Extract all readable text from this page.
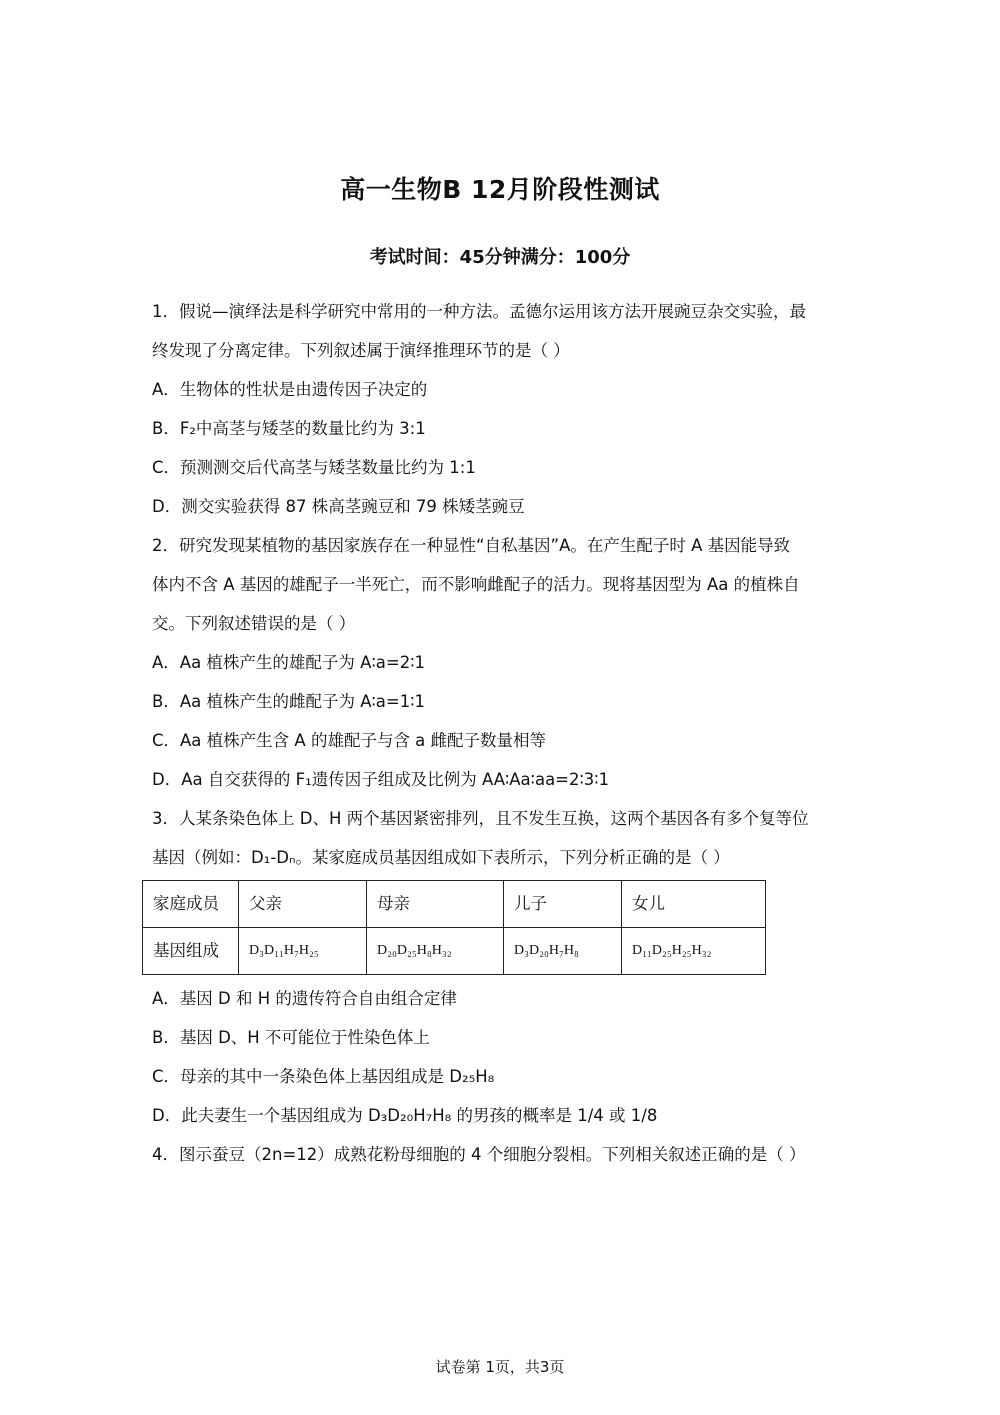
高一生物B 12月阶段性测试
考试时间：45分钟满分：100分

1．假说—演绎法是科学研究中常用的一种方法。孟德尔运用该方法开展豌豆杂交实验，最

终发现了分离定律。下列叙述属于演绎推理环节的是（ ）

A．生物体的性状是由遗传因子决定的

B．F₂中高茎与矮茎的数量比约为 3:1

C．预测测交后代高茎与矮茎数量比约为 1:1

D．测交实验获得 87 株高茎豌豆和 79 株矮茎豌豆

2．研究发现某植物的基因家族存在一种显性“自私基因”A。在产生配子时 A 基因能导致

体内不含 A 基因的雄配子一半死亡，而不影响雌配子的活力。现将基因型为 Aa 的植株自

交。下列叙述错误的是（ ）

A．Aa 植株产生的雄配子为 A∶a=2∶1

B．Aa 植株产生的雌配子为 A∶a=1∶1

C．Aa 植株产生含 A 的雄配子与含 a 雌配子数量相等

D．Aa 自交获得的 F₁遗传因子组成及比例为 AA∶Aa∶aa=2∶3∶1

3．人某条染色体上 D、H 两个基因紧密排列，且不发生互换，这两个基因各有多个复等位

基因（例如：D₁-Dₙ。某家庭成员基因组成如下表所示，下列分析正确的是（ ）

家庭成员	父亲	母亲	儿子	女儿
基因组成	D₃D₁₁H₇H₂₅	D₂₀D₂₅H₈H₃₂	D₃D₂₀H₇H₈	D₁₁D₂₅H₂₅H₃₂

A．基因 D 和 H 的遗传符合自由组合定律

B．基因 D、H 不可能位于性染色体上

C．母亲的其中一条染色体上基因组成是 D₂₅H₈

D．此夫妻生一个基因组成为 D₃D₂₀H₇H₈ 的男孩的概率是 1/4 或 1/8

4．图示蚕豆（2n=12）成熟花粉母细胞的 4 个细胞分裂相。下列相关叙述正确的是（ ）

试卷第 1页，共3页
